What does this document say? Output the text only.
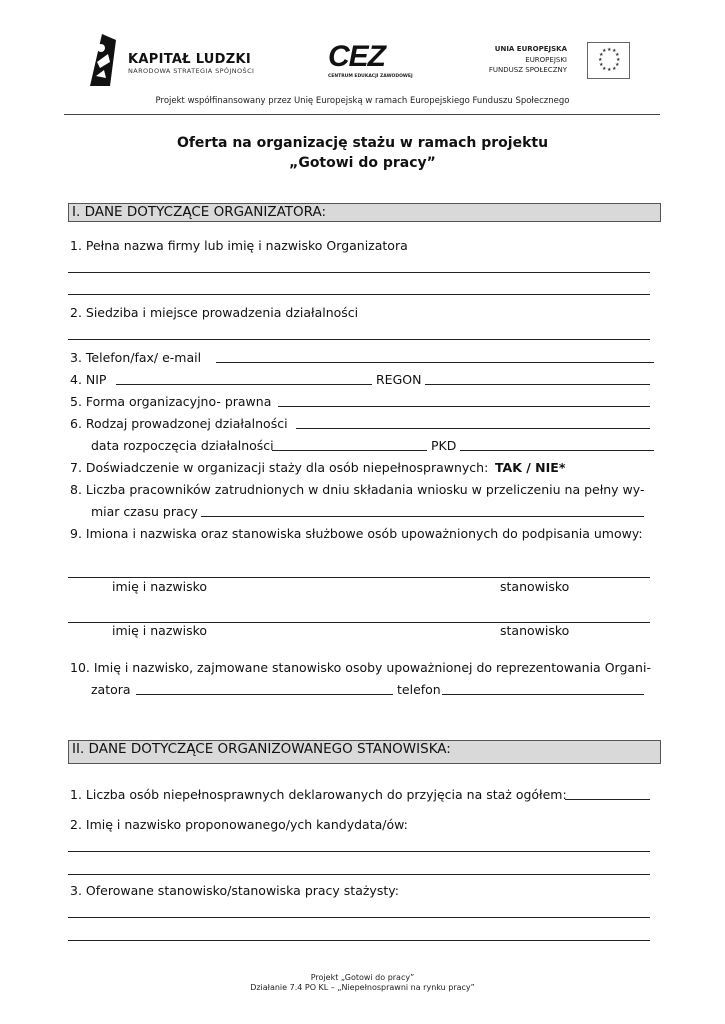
KAPITAŁ LUDZKI
NARODOWA STRATEGIA SPÓJNOŚCI CEZ
CENTRUM EDUKACJI ZAWODOWEJ
UNIA EUROPEJSKA
EUROPEJSKI
FUNDUSZ SPOŁECZNY
★ ★
★
★
★
★
★
★
★
★
★
★
Projekt współfinansowany przez Unię Europejską w ramach Europejskiego Funduszu Społecznego
Oferta na organizację stażu w ramach projektu
„Gotowi do pracy”
I. DANE DOTYCZĄCE ORGANIZATORA:
1. Pełna nazwa firmy lub imię i nazwisko Organizatora
2. Siedziba i miejsce prowadzenia działalności
3. Telefon/fax/ e-mail
4. NIP	REGON
5. Forma organizacyjno- prawna
6. Rodzaj prowadzonej działalności
data rozpoczęcia działalności	PKD
7. Doświadczenie w organizacji staży dla osób niepełnosprawnych: TAK / NIE*
8. Liczba pracowników zatrudnionych w dniu składania wniosku w przeliczeniu na pełny wy-
miar czasu pracy
9. Imiona i nazwiska oraz stanowiska służbowe osób upoważnionych do podpisania umowy:
imię i nazwisko	stanowisko
imię i nazwisko	stanowisko
10. Imię i nazwisko, zajmowane stanowisko osoby upoważnionej do reprezentowania Organi-
zatora	telefon
II. DANE DOTYCZĄCE ORGANIZOWANEGO STANOWISKA:
1. Liczba osób niepełnosprawnych deklarowanych do przyjęcia na staż ogółem:
2. Imię i nazwisko proponowanego/ych kandydata/ów:
3. Oferowane stanowisko/stanowiska pracy stażysty:
Projekt „Gotowi do pracy”
Działanie 7.4 PO KL – „Niepełnosprawni na rynku pracy”
